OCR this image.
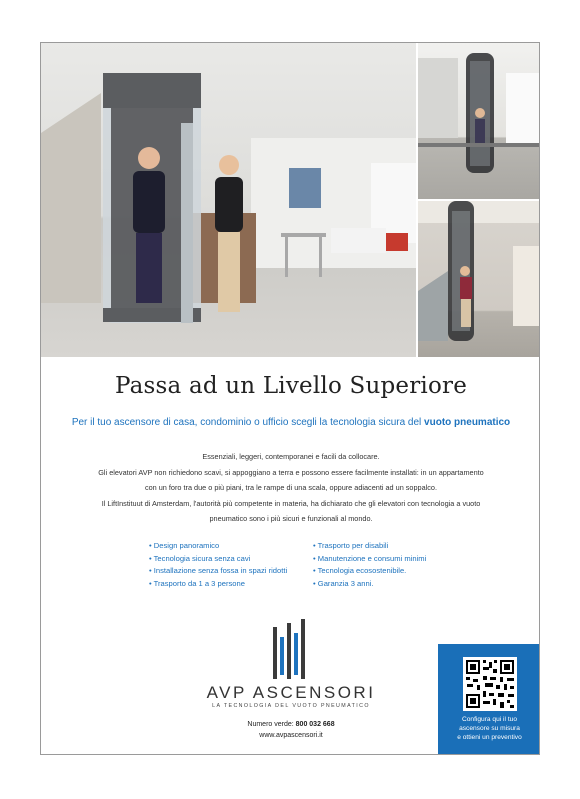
Passa ad un Livello Superiore
Per il tuo ascensore di casa, condominio o ufficio scegli la tecnologia sicura del vuoto pneumatico

Essenziali, leggeri, contemporanei e facili da collocare.

Gli elevatori AVP non richiedono scavi, si appoggiano a terra e possono essere facilmente installati: in un appartamento

con un foro tra due o più piani, tra le rampe di una scala, oppure adiacenti ad un soppalco.

Il LiftInstituut di Amsterdam, l'autorità più competente in materia, ha dichiarato che gli elevatori con tecnologia a vuoto

pneumatico sono i più sicuri e funzionali al mondo.

• Design panoramico
• Tecnologia sicura senza cavi
• Installazione senza fossa in spazi ridotti
• Trasporto da 1 a 3 persone
• Trasporto per disabili
• Manutenzione e consumi minimi
• Tecnologia ecosostenibile.
• Garanzia 3 anni.
AVP ASCENSORI
LA TECNOLOGIA DEL VUOTO PNEUMATICO
Numero verde: 800 032 668
www.avpascensori.it
Configura qui il tuo
ascensore su misura
e ottieni un preventivo
